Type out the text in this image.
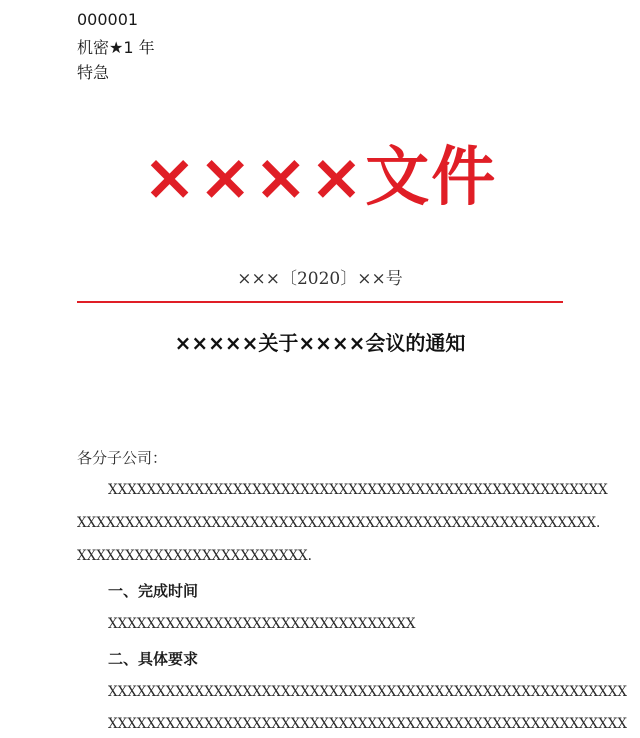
000001
机密★1 年
特急
××××文件
×××〔2020〕××号
×××××关于××××会议的通知
各分子公司：
XXXXXXXXXXXXXXXXXXXXXXXXXXXXXXXXXXXXXXXXXXXXXXXXXXXX
XXXXXXXXXXXXXXXXXXXXXXXXXXXXXXXXXXXXXXXXXXXXXXXXXXXXXX.
XXXXXXXXXXXXXXXXXXXXXXXX.
一、完成时间
XXXXXXXXXXXXXXXXXXXXXXXXXXXXXXXX
二、具体要求
XXXXXXXXXXXXXXXXXXXXXXXXXXXXXXXXXXXXXXXXXXXXXXXXXXXXXX
XXXXXXXXXXXXXXXXXXXXXXXXXXXXXXXXXXXXXXXXXXXXXXXXXXXXXX
